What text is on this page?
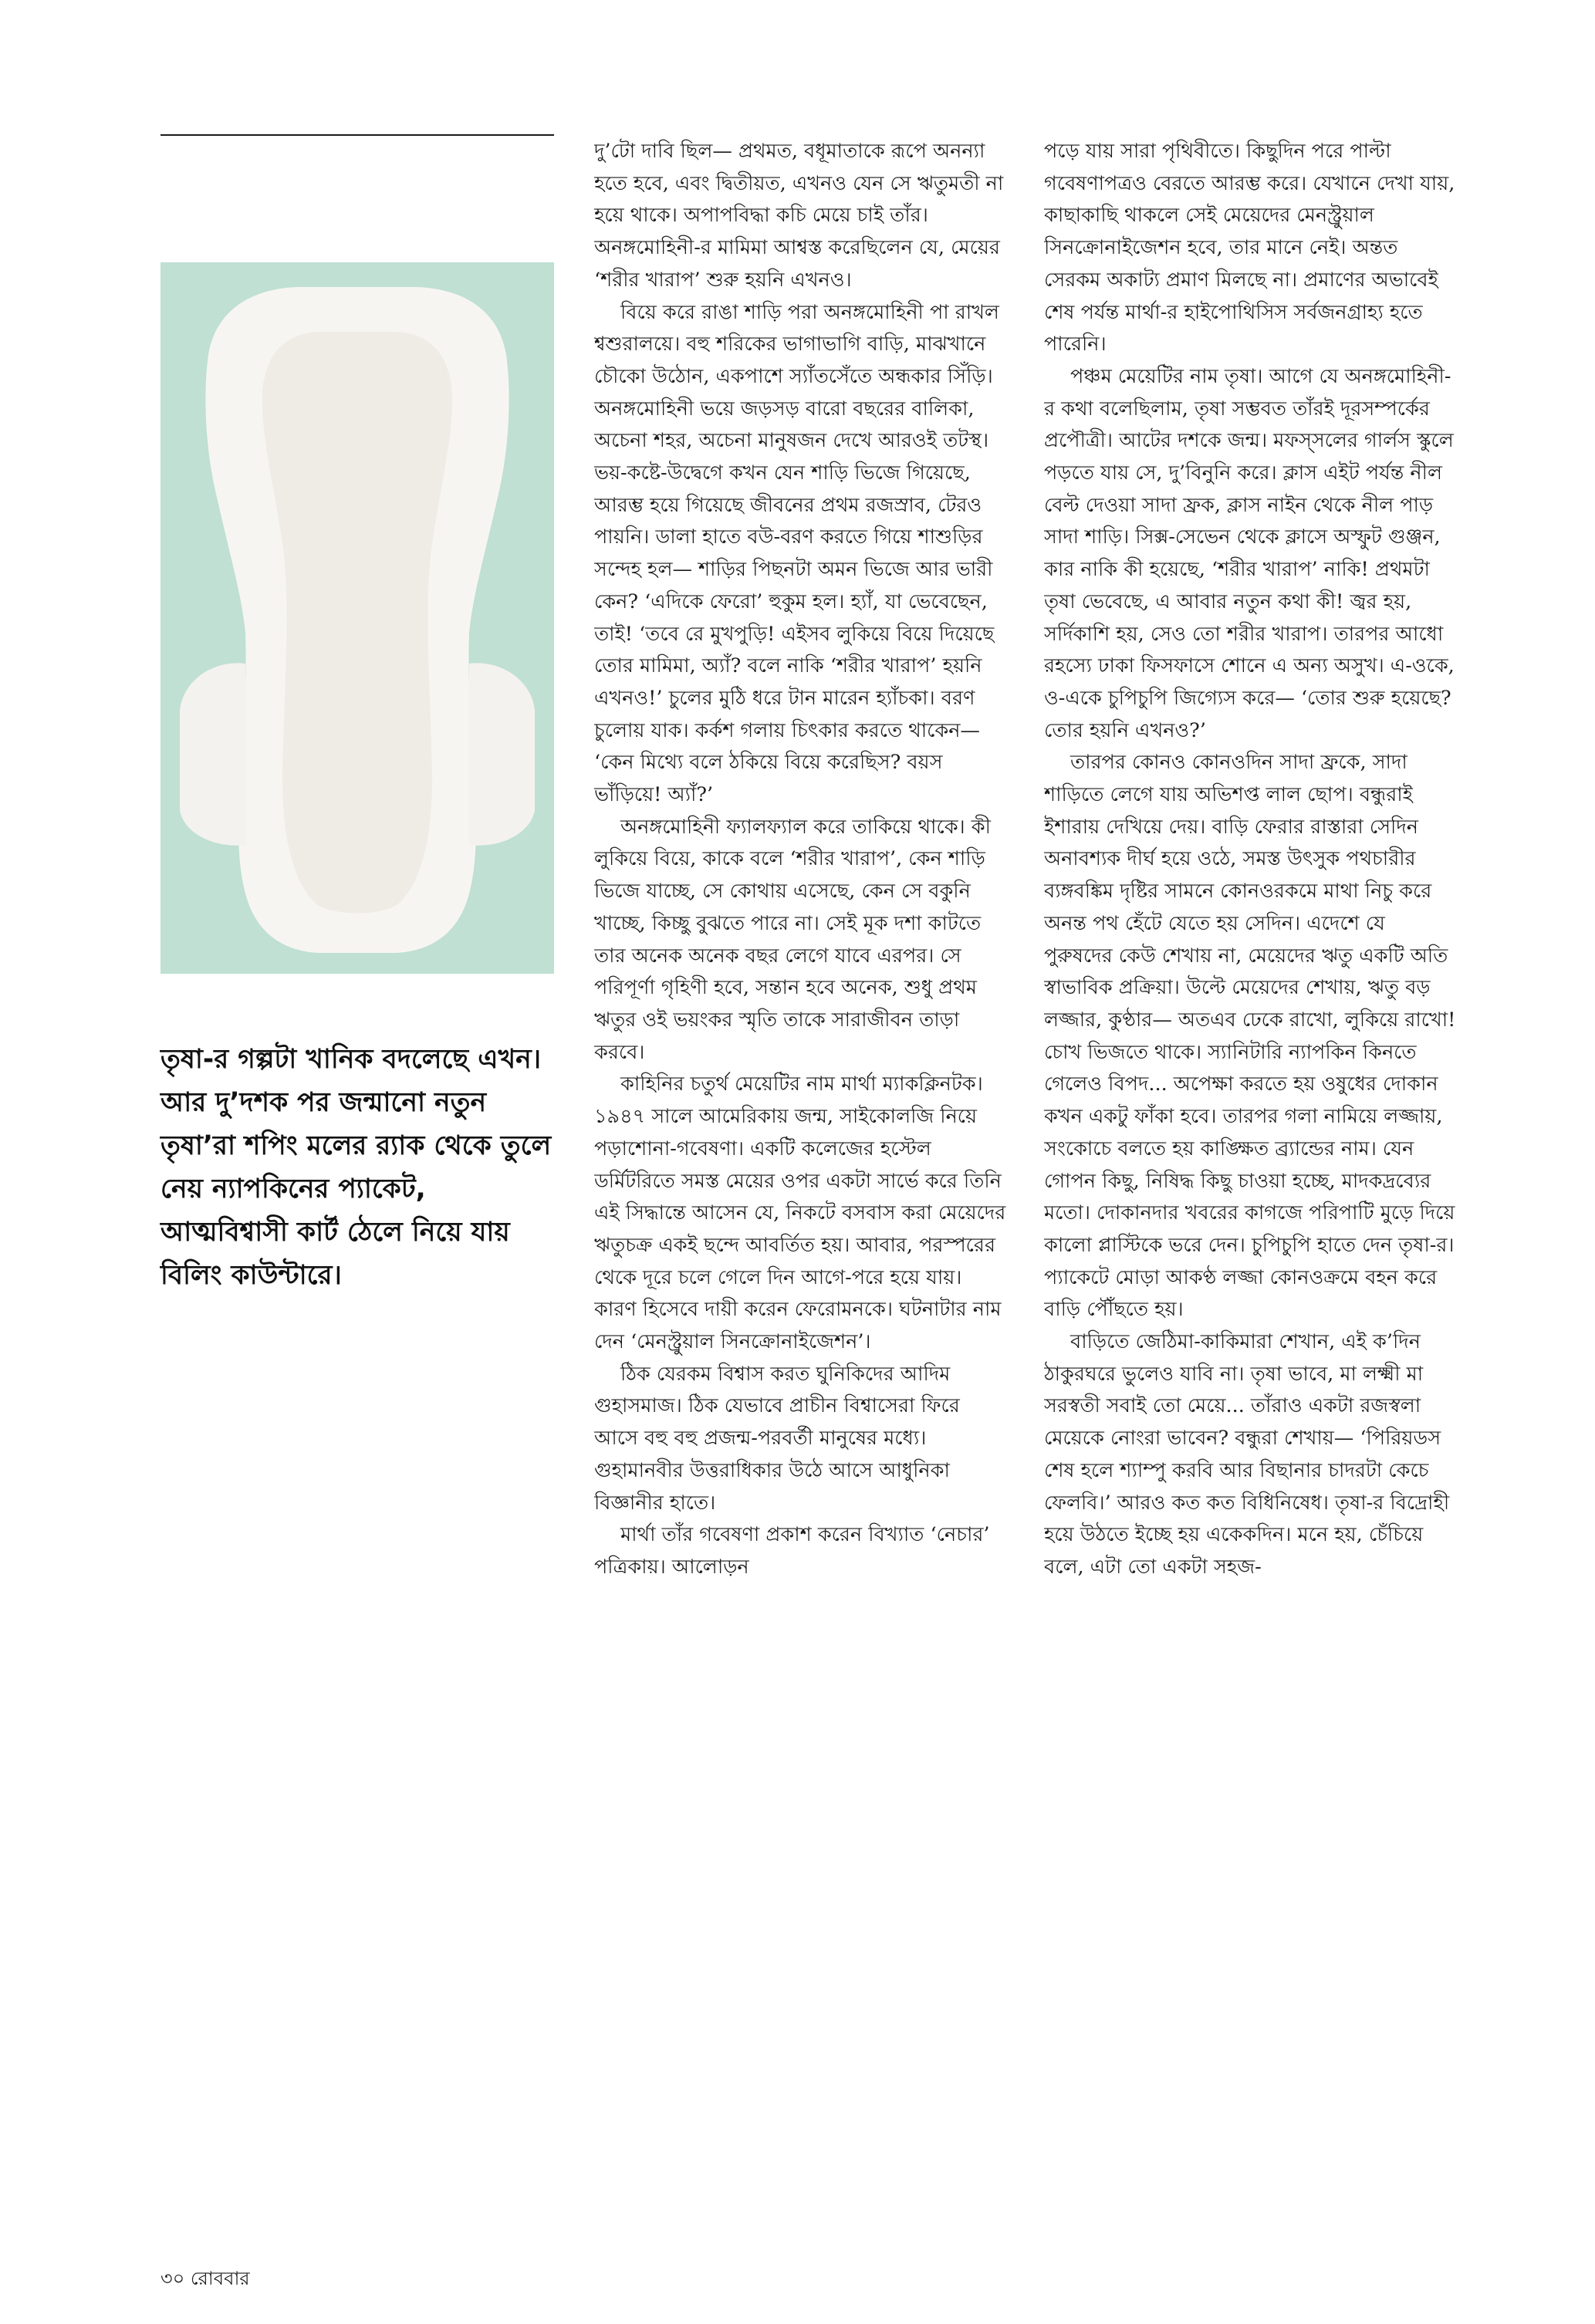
তৃষা-র গল্পটা খানিক বদলেছে এখন। আর দু’দশক পর জন্মানো নতুন তৃষা’রা শপিং মলের র‍্যাক থেকে তুলে নেয় ন্যাপকিনের প্যাকেট, আত্মবিশ্বাসী কার্ট ঠেলে নিয়ে যায় বিলিং কাউন্টারে।

দু’টো দাবি ছিল— প্রথমত, বধূমাতাকে রূপে অনন্যা হতে হবে, এবং দ্বিতীয়ত, এখনও যেন সে ঋতুমতী না হয়ে থাকে। অপাপবিদ্ধা কচি মেয়ে চাই তাঁর। অনঙ্গমোহিনী-র মামিমা আশ্বস্ত করেছিলেন যে, মেয়ের ‘শরীর খারাপ’ শুরু হয়নি এখনও।

বিয়ে করে রাঙা শাড়ি পরা অনঙ্গমোহিনী পা রাখল শ্বশুরালয়ে। বহু শরিকের ভাগাভাগি বাড়ি, মাঝখানে চৌকো উঠোন, একপাশে স্যাঁতসেঁতে অন্ধকার সিঁড়ি। অনঙ্গমোহিনী ভয়ে জড়সড় বারো বছরের বালিকা, অচেনা শহর, অচেনা মানুষজন দেখে আরওই তটস্থ। ভয়-কষ্টে-উদ্বেগে কখন যেন শাড়ি ভিজে গিয়েছে, আরম্ভ হয়ে গিয়েছে জীবনের প্রথম রজস্রাব, টেরও পায়নি। ডালা হাতে বউ-বরণ করতে গিয়ে শাশুড়ির সন্দেহ হল— শাড়ির পিছনটা অমন ভিজে আর ভারী কেন? ‘এদিকে ফেরো’ হুকুম হল। হ্যাঁ, যা ভেবেছেন, তাই! ‘তবে রে মুখপুড়ি! এইসব লুকিয়ে বিয়ে দিয়েছে তোর মামিমা, অ্যাঁ? বলে নাকি ‘শরীর খারাপ’ হয়নি এখনও!’ চুলের মুঠি ধরে টান মারেন হ্যাঁচকা। বরণ চুলোয় যাক। কর্কশ গলায় চিৎকার করতে থাকেন— ‘কেন মিথ্যে বলে ঠকিয়ে বিয়ে করেছিস? বয়স ভাঁড়িয়ে! অ্যাঁ?’

অনঙ্গমোহিনী ফ্যালফ্যাল করে তাকিয়ে থাকে। কী লুকিয়ে বিয়ে, কাকে বলে ‘শরীর খারাপ’, কেন শাড়ি ভিজে যাচ্ছে, সে কোথায় এসেছে, কেন সে বকুনি খাচ্ছে, কিচ্ছু বুঝতে পারে না। সেই মূক দশা কাটতে তার অনেক অনেক বছর লেগে যাবে এরপর। সে পরিপূর্ণা গৃহিণী হবে, সন্তান হবে অনেক, শুধু প্রথম ঋতুর ওই ভয়ংকর স্মৃতি তাকে সারাজীবন তাড়া করবে।

কাহিনির চতুর্থ মেয়েটির নাম মার্থা ম্যাকক্লিনটক। ১৯৪৭ সালে আমেরিকায় জন্ম, সাইকোলজি নিয়ে পড়াশোনা-গবেষণা। একটি কলেজের হস্টেল ডর্মিটরিতে সমস্ত মেয়ের ওপর একটা সার্ভে করে তিনি এই সিদ্ধান্তে আসেন যে, নিকটে বসবাস করা মেয়েদের ঋতুচক্র একই ছন্দে আবর্তিত হয়। আবার, পরস্পরের থেকে দূরে চলে গেলে দিন আগে-পরে হয়ে যায়। কারণ হিসেবে দায়ী করেন ফেরোমনকে। ঘটনাটার নাম দেন ‘মেনস্ট্রুয়াল সিনক্রোনাইজেশন’।

ঠিক যেরকম বিশ্বাস করত ঘুনিকিদের আদিম গুহাসমাজ। ঠিক যেভাবে প্রাচীন বিশ্বাসেরা ফিরে আসে বহু বহু প্রজন্ম-পরবর্তী মানুষের মধ্যে। গুহামানবীর উত্তরাধিকার উঠে আসে আধুনিকা বিজ্ঞানীর হাতে।

মার্থা তাঁর গবেষণা প্রকাশ করেন বিখ্যাত ‘নেচার’ পত্রিকায়। আলোড়ন

পড়ে যায় সারা পৃথিবীতে। কিছুদিন পরে পাল্টা গবেষণাপত্রও বেরতে আরম্ভ করে। যেখানে দেখা যায়, কাছাকাছি থাকলে সেই মেয়েদের মেনস্ট্রুয়াল সিনক্রোনাইজেশন হবে, তার মানে নেই। অন্তত সেরকম অকাট্য প্রমাণ মিলছে না। প্রমাণের অভাবেই শেষ পর্যন্ত মার্থা-র হাইপোথিসিস সর্বজনগ্রাহ্য হতে পারেনি।

পঞ্চম মেয়েটির নাম তৃষা। আগে যে অনঙ্গমোহিনী-র কথা বলেছিলাম, তৃষা সম্ভবত তাঁরই দূরসম্পর্কের প্রপৌত্রী। আটের দশকে জন্ম। মফস্সলের গার্লস স্কুলে পড়তে যায় সে, দু’বিনুনি করে। ক্লাস এইট পর্যন্ত নীল বেল্ট দেওয়া সাদা ফ্রক, ক্লাস নাইন থেকে নীল পাড় সাদা শাড়ি। সিক্স-সেভেন থেকে ক্লাসে অস্ফুট গুঞ্জন, কার নাকি কী হয়েছে, ‘শরীর খারাপ’ নাকি! প্রথমটা তৃষা ভেবেছে, এ আবার নতুন কথা কী! জ্বর হয়, সর্দিকাশি হয়, সেও তো শরীর খারাপ। তারপর আধো রহস্যে ঢাকা ফিসফাসে শোনে এ অন্য অসুখ। এ-ওকে, ও-একে চুপিচুপি জিগ্যেস করে— ‘তোর শুরু হয়েছে? তোর হয়নি এখনও?’

তারপর কোনও কোনওদিন সাদা ফ্রকে, সাদা শাড়িতে লেগে যায় অভিশপ্ত লাল ছোপ। বন্ধুরাই ইশারায় দেখিয়ে দেয়। বাড়ি ফেরার রাস্তারা সেদিন অনাবশ্যক দীর্ঘ হয়ে ওঠে, সমস্ত উৎসুক পথচারীর ব্যঙ্গবঙ্কিম দৃষ্টির সামনে কোনওরকমে মাথা নিচু করে অনন্ত পথ হেঁটে যেতে হয় সেদিন। এদেশে যে পুরুষদের কেউ শেখায় না, মেয়েদের ঋতু একটি অতি স্বাভাবিক প্রক্রিয়া। উল্টে মেয়েদের শেখায়, ঋতু বড় লজ্জার, কুণ্ঠার— অতএব ঢেকে রাখো, লুকিয়ে রাখো! চোখ ভিজতে থাকে। স্যানিটারি ন্যাপকিন কিনতে গেলেও বিপদ... অপেক্ষা করতে হয় ওষুধের দোকান কখন একটু ফাঁকা হবে। তারপর গলা নামিয়ে লজ্জায়, সংকোচে বলতে হয় কাঙ্ক্ষিত ব্র্যান্ডের নাম। যেন গোপন কিছু, নিষিদ্ধ কিছু চাওয়া হচ্ছে, মাদকদ্রব্যের মতো। দোকানদার খবরের কাগজে পরিপাটি মুড়ে দিয়ে কালো প্লাস্টিকে ভরে দেন। চুপিচুপি হাতে দেন তৃষা-র। প্যাকেটে মোড়া আকণ্ঠ লজ্জা কোনওক্রমে বহন করে বাড়ি পৌঁছতে হয়।

বাড়িতে জেঠিমা-কাকিমারা শেখান, এই ক’দিন ঠাকুরঘরে ভুলেও যাবি না। তৃষা ভাবে, মা লক্ষ্মী মা সরস্বতী সবাই তো মেয়ে... তাঁরাও একটা রজস্বলা মেয়েকে নোংরা ভাবেন? বন্ধুরা শেখায়— ‘পিরিয়ডস শেষ হলে শ্যাম্পু করবি আর বিছানার চাদরটা কেচে ফেলবি।’ আরও কত কত বিধিনিষেধ। তৃষা-র বিদ্রোহী হয়ে উঠতে ইচ্ছে হয় একেকদিন। মনে হয়, চেঁচিয়ে বলে, এটা তো একটা সহজ-

৩০ রোববার
